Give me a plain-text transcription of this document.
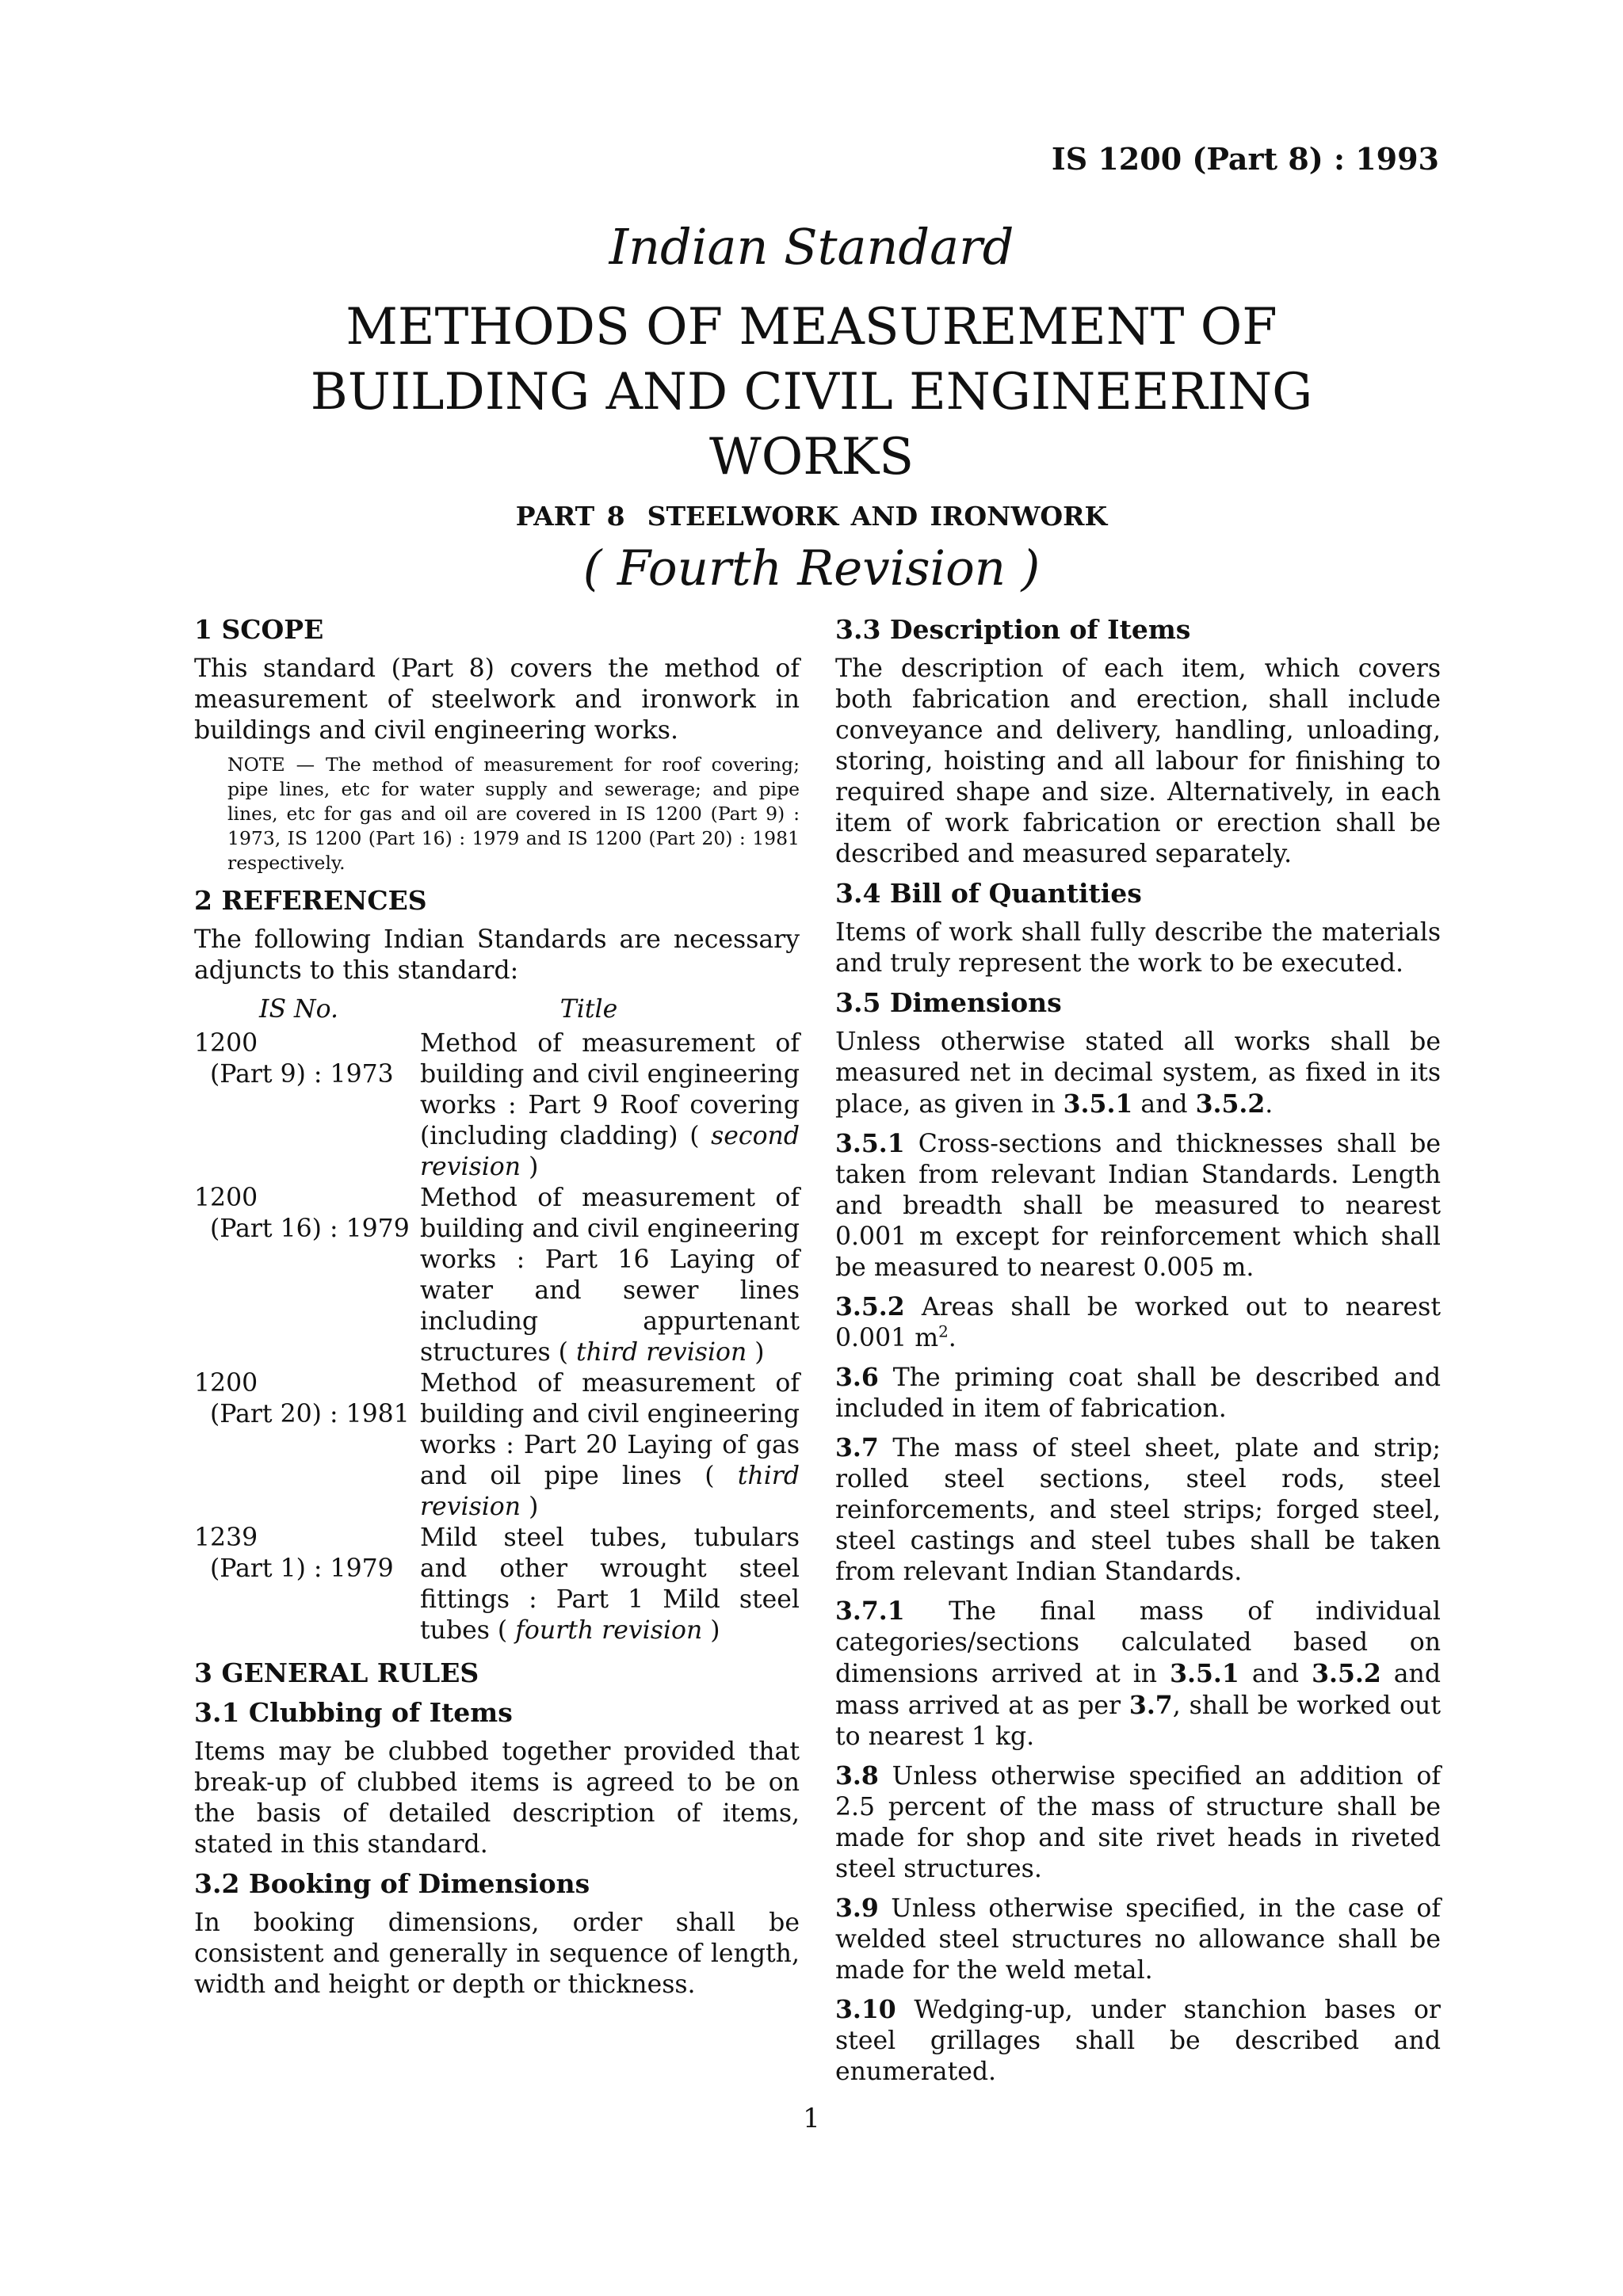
IS 1200 (Part 8) : 1993
Indian Standard
METHODS OF MEASUREMENT OF
BUILDING AND CIVIL ENGINEERING
WORKS
PART 8 STEELWORK AND IRONWORK
( Fourth Revision )
1 SCOPE
This standard (Part 8) covers the method of measurement of steelwork and ironwork in buildings and civil engineering works.
NOTE — The method of measurement for roof covering; pipe lines, etc for water supply and sewerage; and pipe lines, etc for gas and oil are covered in IS 1200 (Part 9) : 1973, IS 1200 (Part 16) : 1979 and IS 1200 (Part 20) : 1981 respectively.
2 REFERENCES
The following Indian Standards are necessary adjuncts to this standard:
IS No.	Title
1200
(Part 9) : 1973
Method of measurement of building and civil engineering works : Part 9 Roof covering (including cladding) ( second revision )
1200
(Part 16) : 1979
Method of measurement of building and civil engineering works : Part 16 Laying of water and sewer lines including appurtenant structures ( third revision )
1200
(Part 20) : 1981
Method of measurement of building and civil engineering works : Part 20 Laying of gas and oil pipe lines ( third revision )
1239
(Part 1) : 1979
Mild steel tubes, tubulars and other wrought steel fittings : Part 1 Mild steel tubes ( fourth revision )
3 GENERAL RULES
3.1 Clubbing of Items
Items may be clubbed together provided that break-up of clubbed items is agreed to be on the basis of detailed description of items, stated in this standard.
3.2 Booking of Dimensions
In booking dimensions, order shall be consistent and generally in sequence of length, width and height or depth or thickness.
3.3 Description of Items
The description of each item, which covers both fabrication and erection, shall include conveyance and delivery, handling, unloading, storing, hoisting and all labour for finishing to required shape and size. Alternatively, in each item of work fabrication or erection shall be described and measured separately.
3.4 Bill of Quantities
Items of work shall fully describe the materials and truly represent the work to be executed.
3.5 Dimensions
Unless otherwise stated all works shall be measured net in decimal system, as fixed in its place, as given in 3.5.1 and 3.5.2.
3.5.1 Cross-sections and thicknesses shall be taken from relevant Indian Standards. Length and breadth shall be measured to nearest 0.001 m except for reinforcement which shall be measured to nearest 0.005 m.
3.5.2 Areas shall be worked out to nearest 0.001 $m^2$.
3.6 The priming coat shall be described and included in item of fabrication.
3.7 The mass of steel sheet, plate and strip; rolled steel sections, steel rods, steel reinforcements, and steel strips; forged steel, steel castings and steel tubes shall be taken from relevant Indian Standards.
3.7.1 The final mass of individual categories/sections calculated based on dimensions arrived at in 3.5.1 and 3.5.2 and mass arrived at as per 3.7, shall be worked out to nearest 1 kg.
3.8 Unless otherwise specified an addition of 2.5 percent of the mass of structure shall be made for shop and site rivet heads in riveted steel structures.
3.9 Unless otherwise specified, in the case of welded steel structures no allowance shall be made for the weld metal.
3.10 Wedging-up, under stanchion bases or steel grillages shall be described and enumerated.
1
